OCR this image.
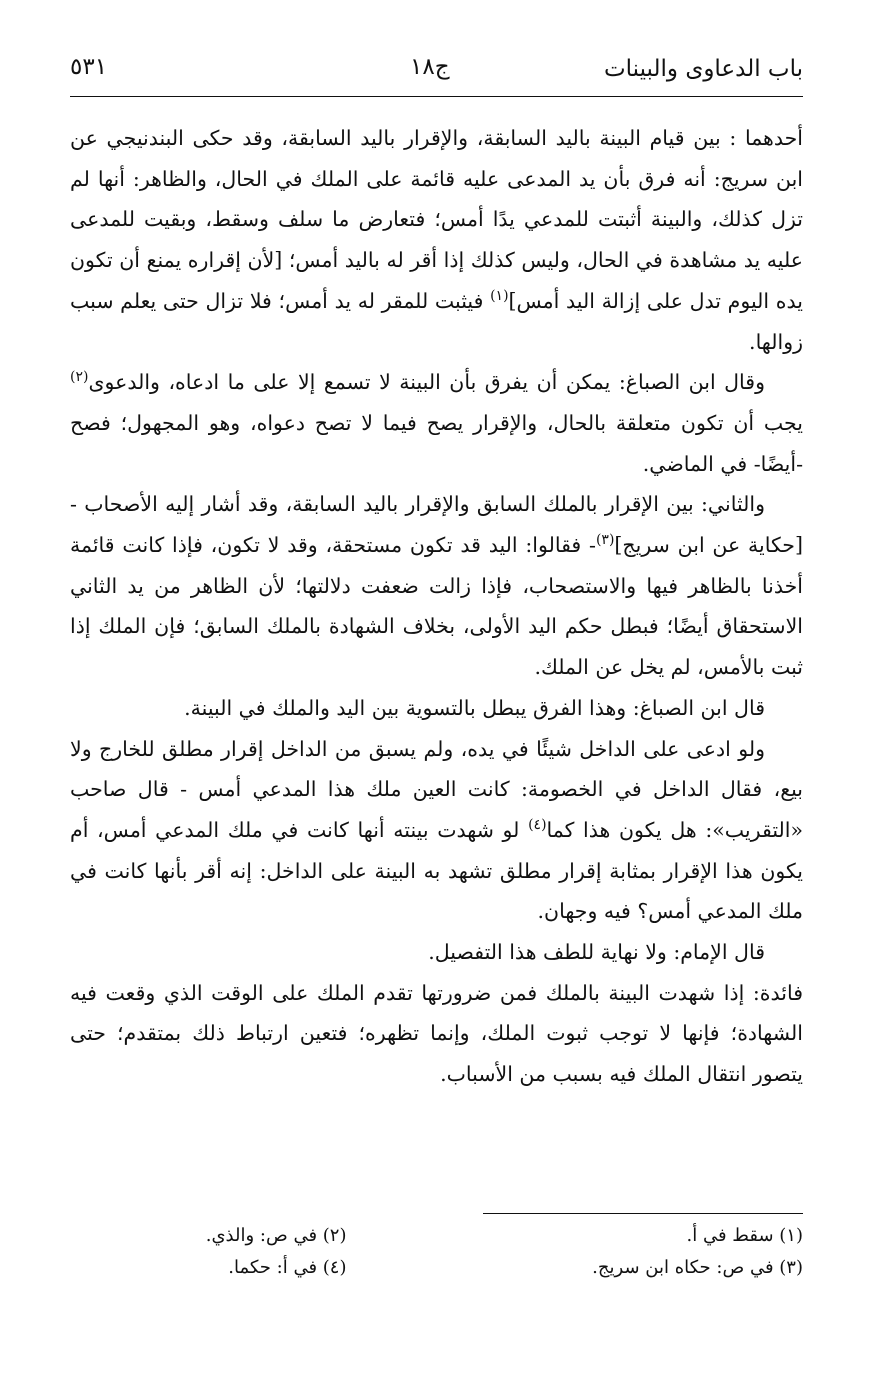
باب الدعاوى والبينات
ج١٨
٥٣١

أحدهما : بين قيام البينة باليد السابقة، والإقرار باليد السابقة، وقد حكى البندنيجي عن ابن سريج: أنه فرق بأن يد المدعى عليه قائمة على الملك في الحال، والظاهر: أنها لم تزل كذلك، والبينة أثبتت للمدعي يدًا أمس؛ فتعارض ما سلف وسقط، وبقيت للمدعى عليه يد مشاهدة في الحال، وليس كذلك إذا أقر له باليد أمس؛ [لأن إقراره يمنع أن تكون يده اليوم تدل على إزالة اليد أمس]$^{(١)}$ فيثبت للمقر له يد أمس؛ فلا تزال حتى يعلم سبب زوالها.

وقال ابن الصباغ: يمكن أن يفرق بأن البينة لا تسمع إلا على ما ادعاه، والدعوى$^{(٢)}$ يجب أن تكون متعلقة بالحال، والإقرار يصح فيما لا تصح دعواه، وهو المجهول؛ فصح -أيضًا- في الماضي.

والثاني: بين الإقرار بالملك السابق والإقرار باليد السابقة، وقد أشار إليه الأصحاب - [حكاية عن ابن سريج]$^{(٣)}$- فقالوا: اليد قد تكون مستحقة، وقد لا تكون، فإذا كانت قائمة أخذنا بالظاهر فيها والاستصحاب، فإذا زالت ضعفت دلالتها؛ لأن الظاهر من يد الثاني الاستحقاق أيضًا؛ فبطل حكم اليد الأولى، بخلاف الشهادة بالملك السابق؛ فإن الملك إذا ثبت بالأمس، لم يخل عن الملك.

قال ابن الصباغ: وهذا الفرق يبطل بالتسوية بين اليد والملك في البينة.

ولو ادعى على الداخل شيئًا في يده، ولم يسبق من الداخل إقرار مطلق للخارج ولا بيع، فقال الداخل في الخصومة: كانت العين ملك هذا المدعي أمس - قال صاحب «التقريب»: هل يكون هذا كما$^{(٤)}$ لو شهدت بينته أنها كانت في ملك المدعي أمس، أم يكون هذا الإقرار بمثابة إقرار مطلق تشهد به البينة على الداخل: إنه أقر بأنها كانت في ملك المدعي أمس؟ فيه وجهان.

قال الإمام: ولا نهاية للطف هذا التفصيل.

فائدة: إذا شهدت البينة بالملك فمن ضرورتها تقدم الملك على الوقت الذي وقعت فيه الشهادة؛ فإنها لا توجب ثبوت الملك، وإنما تظهره؛ فتعين ارتباط ذلك بمتقدم؛ حتى يتصور انتقال الملك فيه بسبب من الأسباب.

(١) سقط في أ.
(٢) في ص: والذي.
(٣) في ص: حكاه ابن سريج.
(٤) في أ: حكما.
